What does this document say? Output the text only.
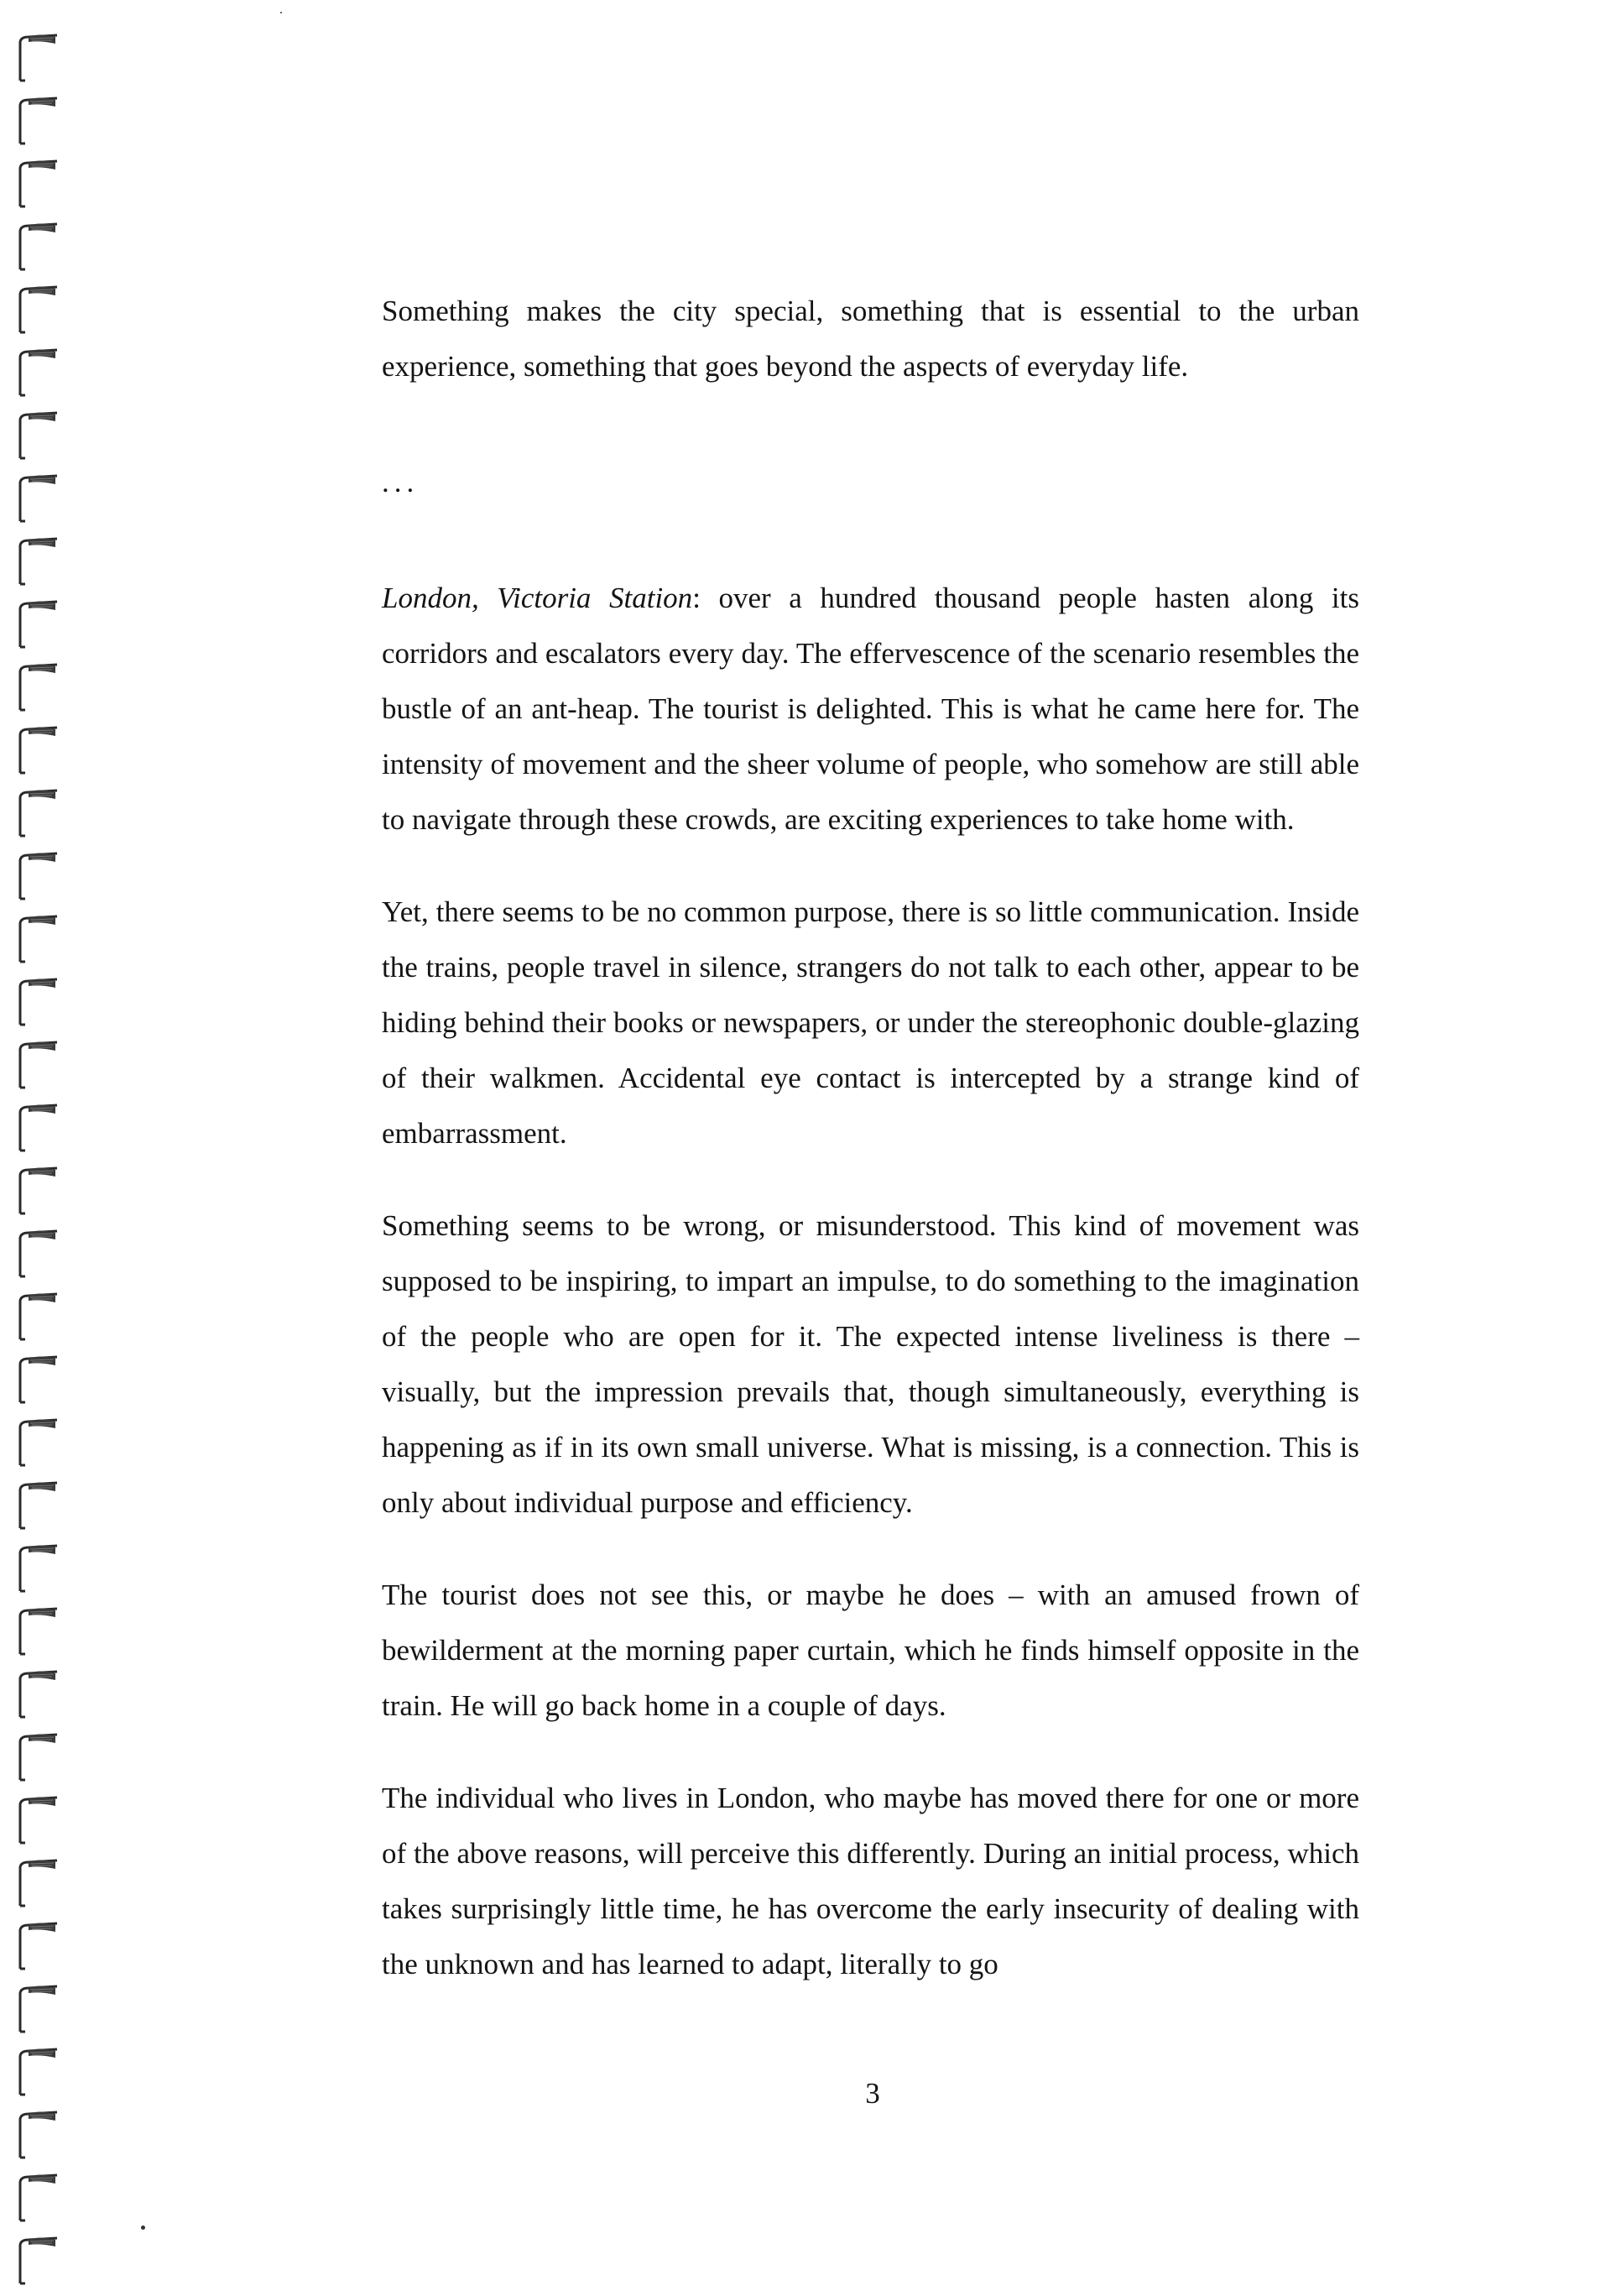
Something makes the city special, something that is essential to the urban experience, something that goes beyond the aspects of everyday life.

...

London, Victoria Station: over a hundred thousand people hasten along its corridors and escalators every day. The effervescence of the scenario resembles the bustle of an ant-heap. The tourist is delighted. This is what he came here for. The intensity of movement and the sheer volume of people, who somehow are still able to navigate through these crowds, are exciting experiences to take home with.

Yet, there seems to be no common purpose, there is so little communication. Inside the trains, people travel in silence, strangers do not talk to each other, appear to be hiding behind their books or newspapers, or under the stereophonic double-glazing of their walkmen. Accidental eye contact is intercepted by a strange kind of embarrassment.

Something seems to be wrong, or misunderstood. This kind of movement was supposed to be inspiring, to impart an impulse, to do something to the imagination of the people who are open for it. The expected intense liveliness is there – visually, but the impression prevails that, though simultaneously, everything is happening as if in its own small universe. What is missing, is a connection. This is only about individual purpose and efficiency.

The tourist does not see this, or maybe he does – with an amused frown of bewilderment at the morning paper curtain, which he finds himself opposite in the train. He will go back home in a couple of days.

The individual who lives in London, who maybe has moved there for one or more of the above reasons, will perceive this differently. During an initial process, which takes surprisingly little time, he has overcome the early insecurity of dealing with the unknown and has learned to adapt, literally to go

3
